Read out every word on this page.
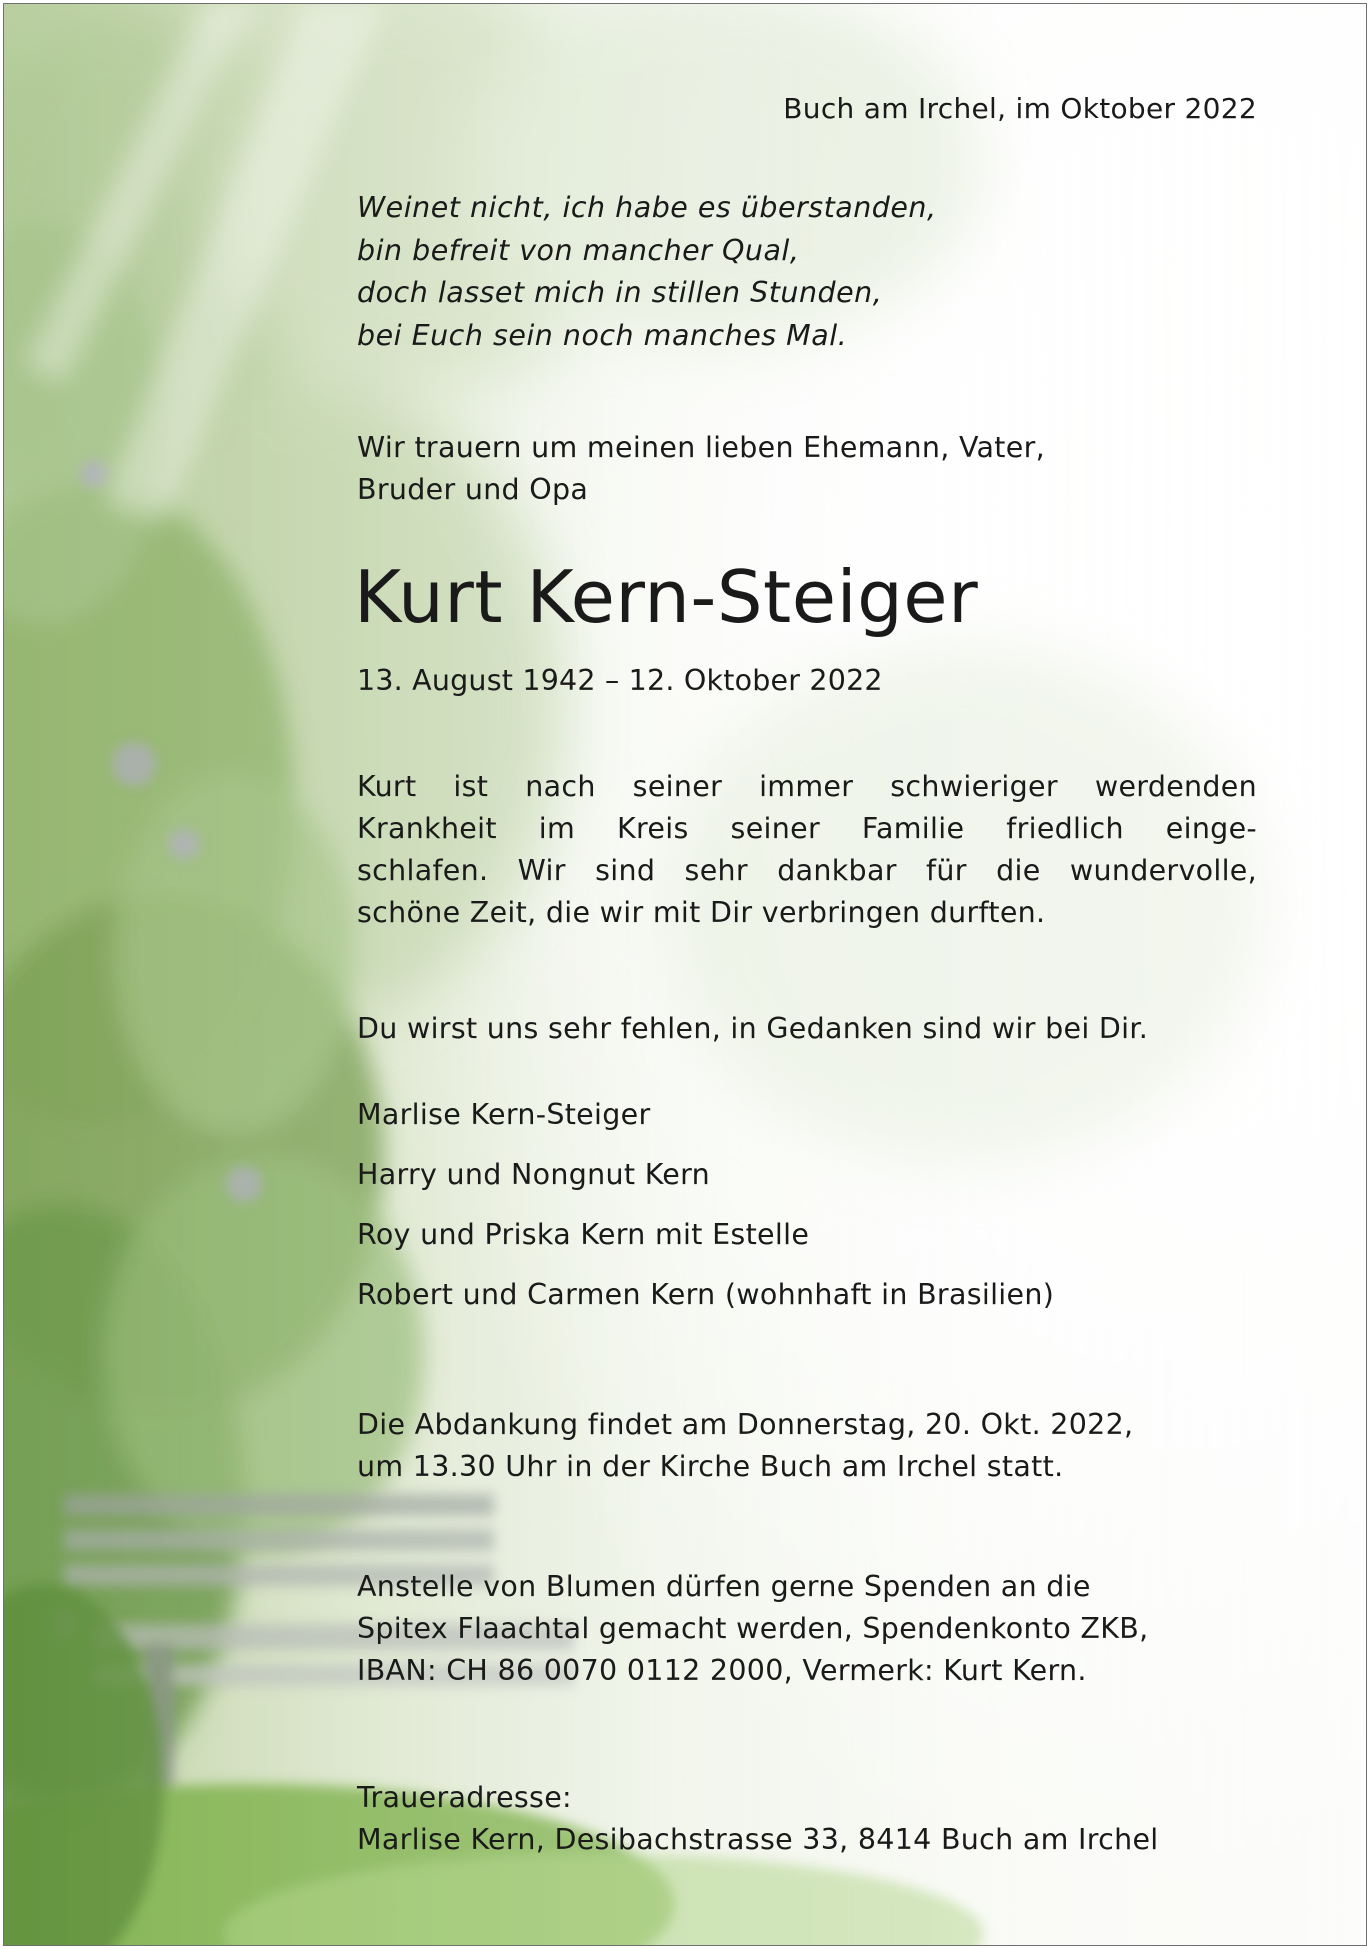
Buch am Irchel, im Oktober 2022
Weinet nicht, ich habe es überstanden,
bin befreit von mancher Qual,
doch lasset mich in stillen Stunden,
bei Euch sein noch manches Mal.
Wir trauern um meinen lieben Ehemann, Vater,
Bruder und Opa
Kurt Kern-Steiger
13. August 1942 – 12. Oktober 2022
Kurt ist nach seiner immer schwieriger werdenden
Krankheit im Kreis seiner Familie friedlich einge-
schlafen. Wir sind sehr dankbar für die wundervolle,
schöne Zeit, die wir mit Dir verbringen durften.
Du wirst uns sehr fehlen, in Gedanken sind wir bei Dir.
Marlise Kern-Steiger
Harry und Nongnut Kern
Roy und Priska Kern mit Estelle
Robert und Carmen Kern (wohnhaft in Brasilien)
Die Abdankung findet am Donnerstag, 20. Okt. 2022,
um 13.30 Uhr in der Kirche Buch am Irchel statt.
Anstelle von Blumen dürfen gerne Spenden an die
Spitex Flaachtal gemacht werden, Spendenkonto ZKB,
IBAN: CH 86 0070 0112 2000, Vermerk: Kurt Kern.
Traueradresse:
Marlise Kern, Desibachstrasse 33, 8414 Buch am Irchel
